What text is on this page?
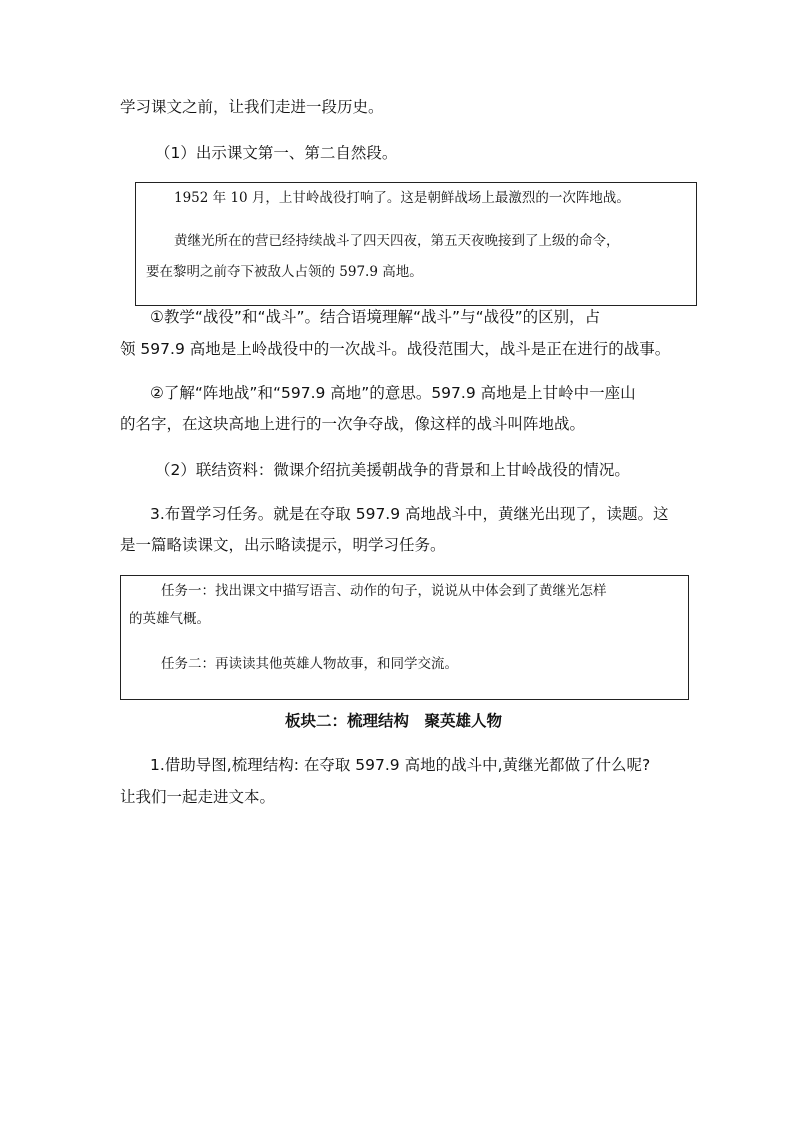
学习课文之前，让我们走进一段历史。
（1）出示课文第一、第二自然段。
1952 年 10 月，上甘岭战役打响了。这是朝鲜战场上最激烈的一次阵地战。
黄继光所在的营已经持续战斗了四天四夜，第五天夜晚接到了上级的命令，
要在黎明之前夺下被敌人占领的 597.9 高地。
①教学“战役”和“战斗”。结合语境理解“战斗”与“战役”的区别，占
领 597.9 高地是上岭战役中的一次战斗。战役范围大，战斗是正在进行的战事。
②了解“阵地战”和“597.9 高地”的意思。597.9 高地是上甘岭中一座山
的名字，在这块高地上进行的一次争夺战，像这样的战斗叫阵地战。
（2）联结资料：微课介绍抗美援朝战争的背景和上甘岭战役的情况。
3.布置学习任务。就是在夺取 597.9 高地战斗中，黄继光出现了，读题。这
是一篇略读课文，出示略读提示，明学习任务。
任务一：找出课文中描写语言、动作的句子，说说从中体会到了黄继光怎样
的英雄气概。
任务二：再读读其他英雄人物故事，和同学交流。
板块二：梳理结构　聚英雄人物
1.借助导图,梳理结构: 在夺取 597.9 高地的战斗中,黄继光都做了什么呢?
让我们一起走进文本。
